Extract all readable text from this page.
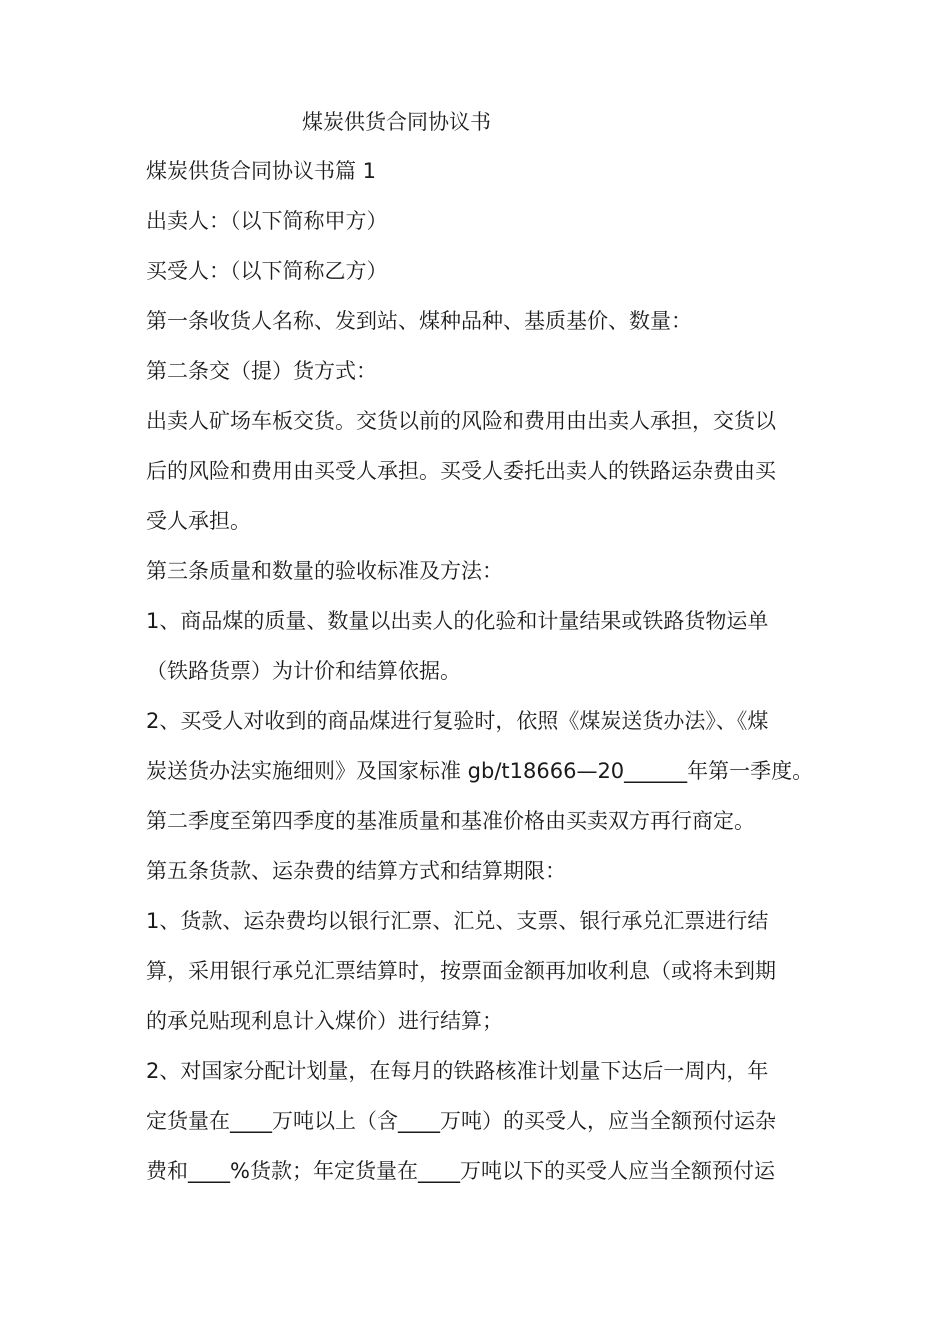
煤炭供货合同协议书
煤炭供货合同协议书篇 1
出卖人：（以下简称甲方）
买受人：（以下简称乙方）
第一条收货人名称、发到站、煤种品种、基质基价、数量：
第二条交（提）货方式：
出卖人矿场车板交货。交货以前的风险和费用由出卖人承担，交货以
后的风险和费用由买受人承担。买受人委托出卖人的铁路运杂费由买
受人承担。
第三条质量和数量的验收标准及方法：
1、商品煤的质量、数量以出卖人的化验和计量结果或铁路货物运单
（铁路货票）为计价和结算依据。
2、买受人对收到的商品煤进行复验时，依照《煤炭送货办法》、《煤
炭送货办法实施细则》及国家标准 gb/t18666—20______年第一季度。
第二季度至第四季度的基准质量和基准价格由买卖双方再行商定。
第五条货款、运杂费的结算方式和结算期限：
1、货款、运杂费均以银行汇票、汇兑、支票、银行承兑汇票进行结
算，采用银行承兑汇票结算时，按票面金额再加收利息（或将未到期
的承兑贴现利息计入煤价）进行结算；
2、对国家分配计划量，在每月的铁路核准计划量下达后一周内，年
定货量在____万吨以上（含____万吨）的买受人，应当全额预付运杂
费和____%货款；年定货量在____万吨以下的买受人应当全额预付运
